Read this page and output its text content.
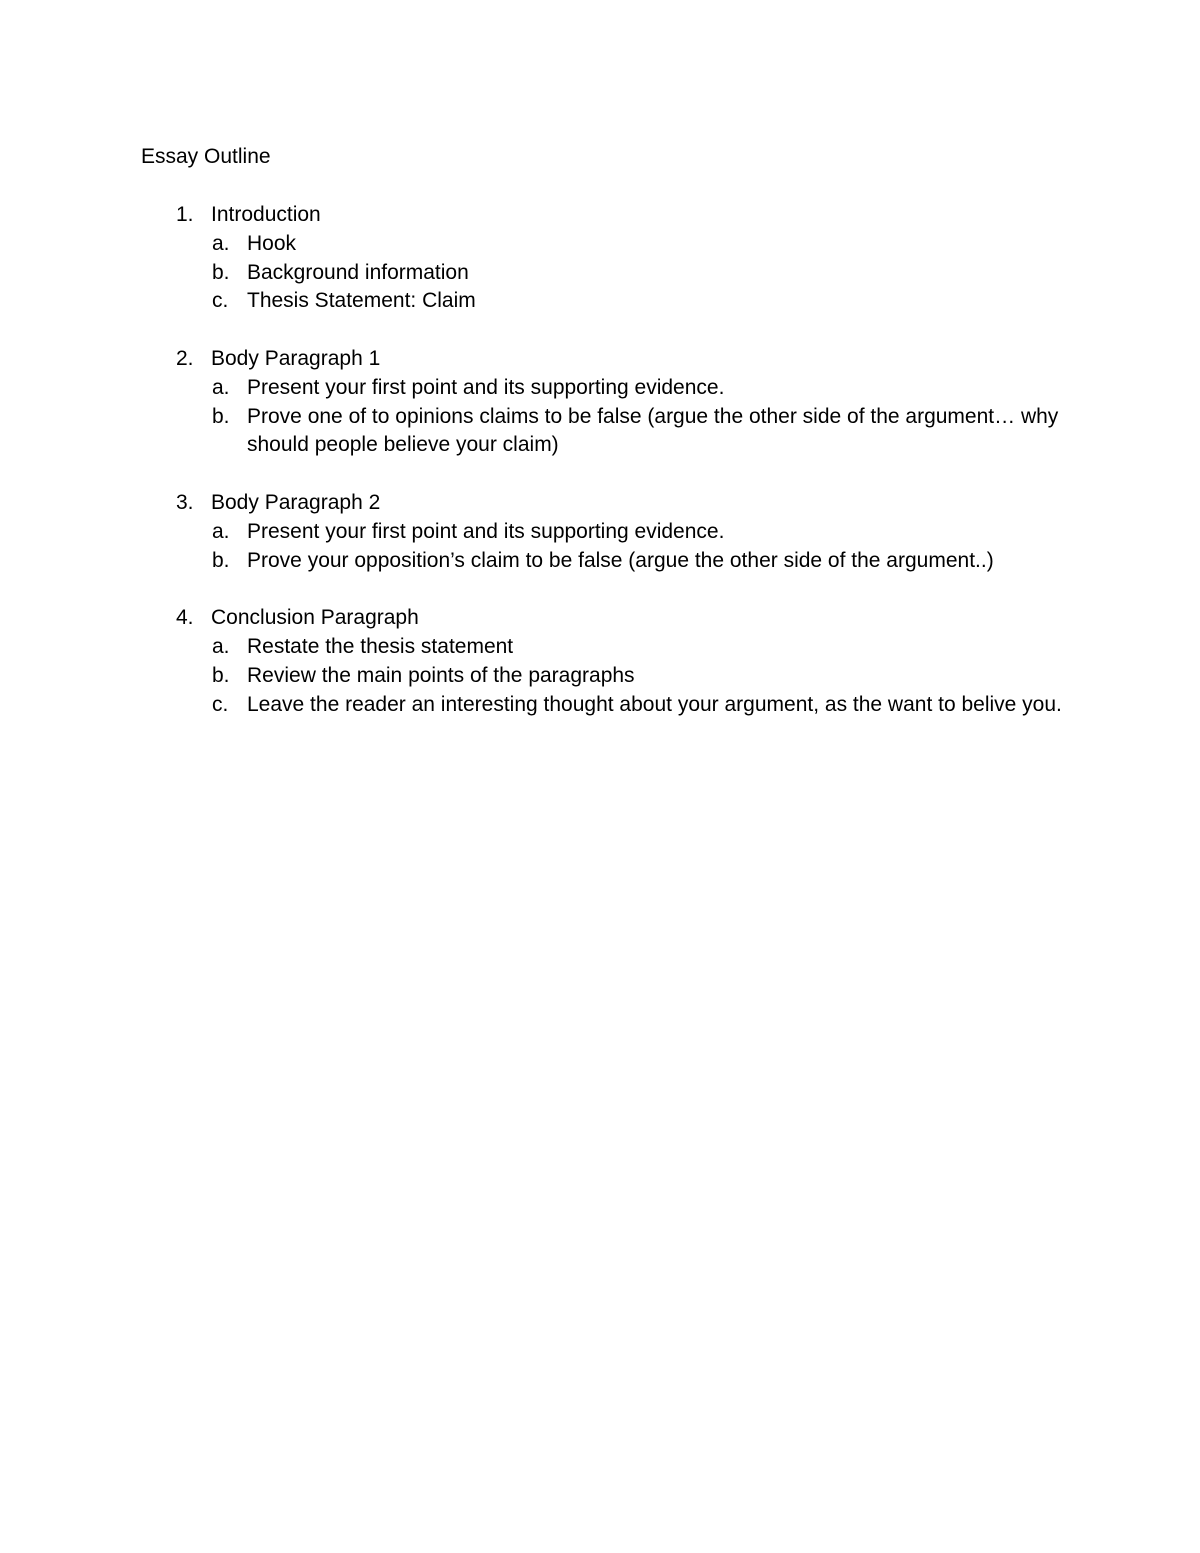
Essay Outline
1. Introduction
a. Hook
b. Background information
c. Thesis Statement: Claim
2. Body Paragraph 1
a. Present your first point and its supporting evidence.
b. Prove one of to opinions claims to be false (argue the other side of the argument… why should people believe your claim)
3. Body Paragraph 2
a. Present your first point and its supporting evidence.
b. Prove your opposition’s claim to be false (argue the other side of the argument..)
4. Conclusion Paragraph
a. Restate the thesis statement
b. Review the main points of the paragraphs
c. Leave the reader an interesting thought about your argument, as the want to belive you.
